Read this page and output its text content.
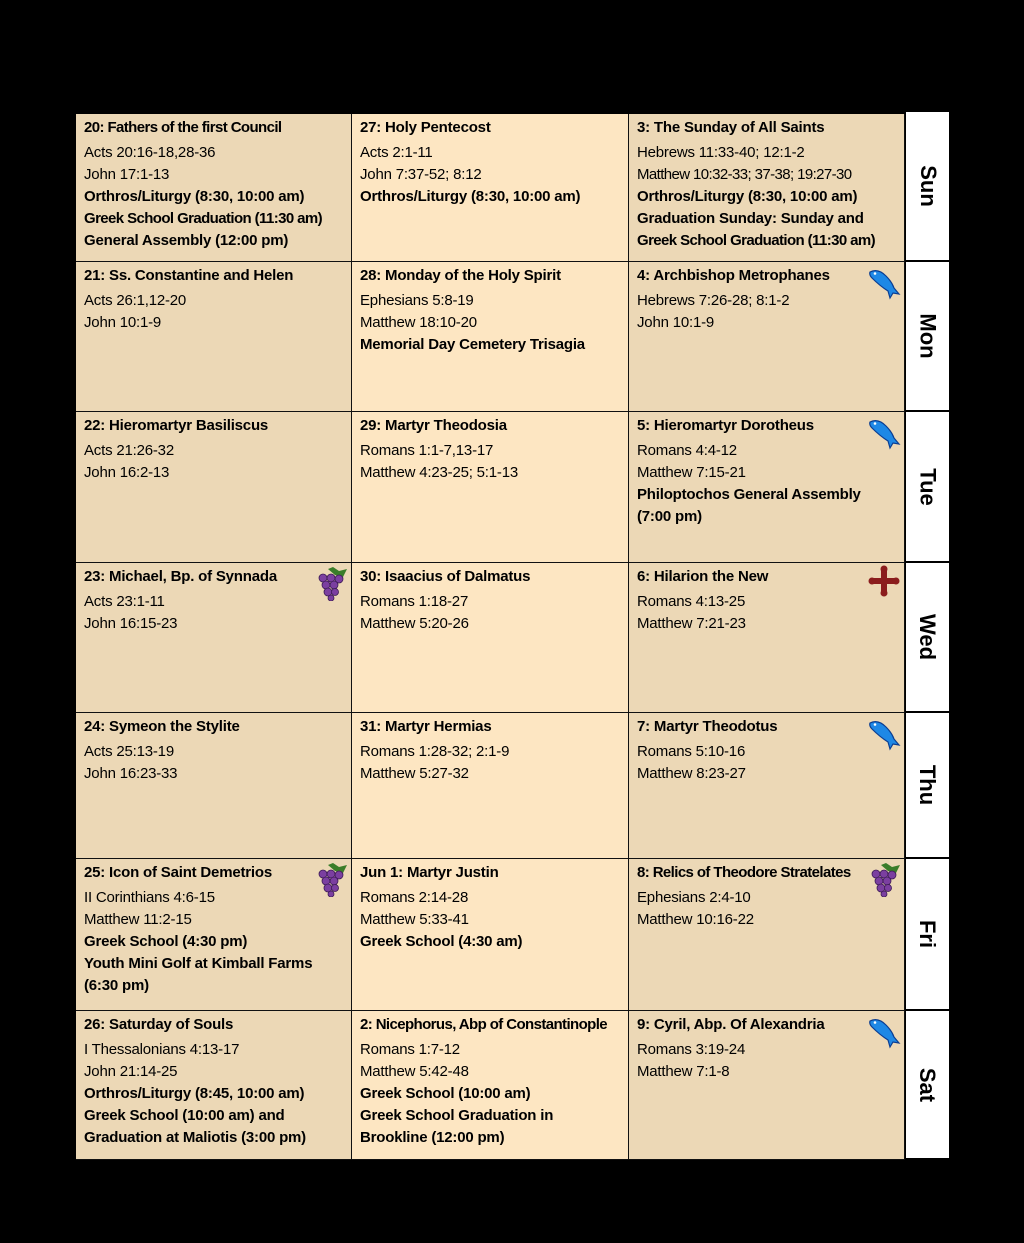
20: Fathers of the first Council
Acts 20:16-18,28-36
John 17:1-13
Orthros/Liturgy (8:30, 10:00 am)
Greek School Graduation (11:30 am)
General Assembly (12:00 pm)
27: Holy Pentecost
Acts 2:1-11
John 7:37-52; 8:12
Orthros/Liturgy (8:30, 10:00 am)
3: The Sunday of All Saints
Hebrews 11:33-40; 12:1-2
Matthew 10:32-33; 37-38; 19:27-30
Orthros/Liturgy (8:30, 10:00 am)
Graduation Sunday: Sunday and
Greek School Graduation (11:30 am)
21: Ss. Constantine and Helen
Acts 26:1,12-20
John 10:1-9
28: Monday of the Holy Spirit
Ephesians 5:8-19
Matthew 18:10-20
Memorial Day Cemetery Trisagia
4: Archbishop Metrophanes
Hebrews 7:26-28; 8:1-2
John 10:1-9
22: Hieromartyr Basiliscus
Acts 21:26-32
John 16:2-13
29: Martyr Theodosia
Romans 1:1-7,13-17
Matthew 4:23-25; 5:1-13
5: Hieromartyr Dorotheus
Romans 4:4-12
Matthew 7:15-21
Philoptochos General Assembly
(7:00 pm)
23: Michael, Bp. of Synnada
Acts 23:1-11
John 16:15-23
30: Isaacius of Dalmatus
Romans 1:18-27
Matthew 5:20-26
6: Hilarion the New
Romans 4:13-25
Matthew 7:21-23
24: Symeon the Stylite
Acts 25:13-19
John 16:23-33
31: Martyr Hermias
Romans 1:28-32; 2:1-9
Matthew 5:27-32
7: Martyr Theodotus
Romans 5:10-16
Matthew 8:23-27
25: Icon of Saint Demetrios
II Corinthians 4:6-15
Matthew 11:2-15
Greek School (4:30 pm)
Youth Mini Golf at Kimball Farms
(6:30 pm)
Jun 1: Martyr Justin
Romans 2:14-28
Matthew 5:33-41
Greek School (4:30 am)
8: Relics of Theodore Stratelates
Ephesians 2:4-10
Matthew 10:16-22
26: Saturday of Souls
I Thessalonians 4:13-17
John 21:14-25
Orthros/Liturgy (8:45, 10:00 am)
Greek School (10:00 am) and
Graduation at Maliotis (3:00 pm)
2: Nicephorus, Abp of Constantinople
Romans 1:7-12
Matthew 5:42-48
Greek School (10:00 am)
Greek School Graduation in
Brookline (12:00 pm)
9: Cyril, Abp. Of Alexandria
Romans 3:19-24
Matthew 7:1-8
Sun
Mon
Tue
Wed
Thu
Fri
Sat
